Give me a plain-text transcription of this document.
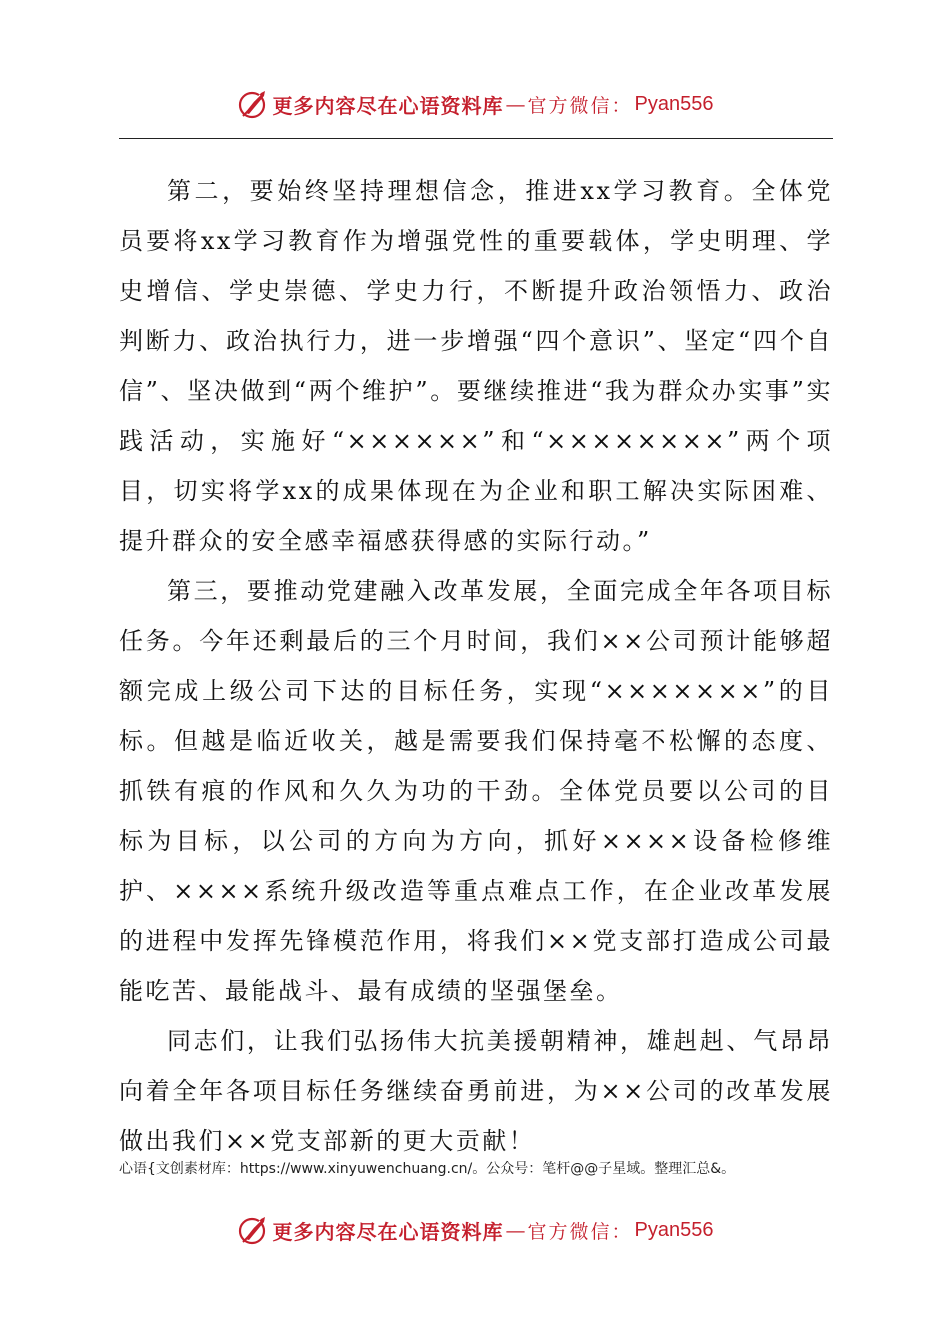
更多内容尽在心语资料库 — 官方微信： Pyan556

第二，要始终坚持理想信念，推进xx学习教育。全体党员要将xx学习教育作为增强党性的重要载体，学史明理、学史增信、学史崇德、学史力行，不断提升政治领悟力、政治判断力、政治执行力，进一步增强“四个意识”、坚定“四个自信”、坚决做到“两个维护”。要继续推进“我为群众办实事”实践活动，实施好“××××××”和“××××××××”两个项目，切实将学xx的成果体现在为企业和职工解决实际困难、提升群众的安全感幸福感获得感的实际行动。”

第三，要推动党建融入改革发展，全面完成全年各项目标任务。今年还剩最后的三个月时间，我们××公司预计能够超额完成上级公司下达的目标任务，实现“×××××××”的目标。但越是临近收关，越是需要我们保持毫不松懈的态度、抓铁有痕的作风和久久为功的干劲。全体党员要以公司的目标为目标，以公司的方向为方向，抓好××××设备检修维护、××××系统升级改造等重点难点工作，在企业改革发展的进程中发挥先锋模范作用，将我们××党支部打造成公司最能吃苦、最能战斗、最有成绩的坚强堡垒。

同志们，让我们弘扬伟大抗美援朝精神，雄赳赳、气昂昂向着全年各项目标任务继续奋勇前进，为××公司的改革发展做出我们××党支部新的更大贡献！

心语{文创素材库：https://www.xinyuwenchuang.cn/。公众号：笔杆@@子星域。整理汇总&。
更多内容尽在心语资料库 — 官方微信： Pyan556
